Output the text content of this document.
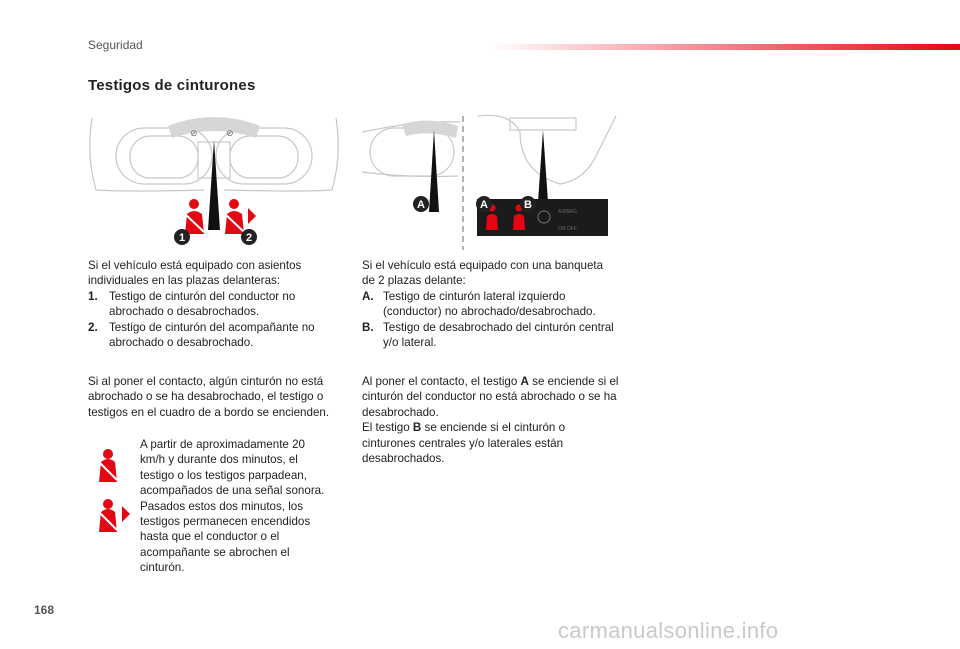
Seguridad
Testigos de cinturones
⊘	⊘
1	2
AIRBAG
ON OFF
A	A	B

Si el vehículo está equipado con asientos individuales en las plazas delanteras:

1. Testigo de cinturón del conductor no abrochado o desabrochados.
2. Testigo de cinturón del acompañante no abrochado o desabrochado.
Si al poner el contacto, algún cinturón no está abrochado o se ha desabrochado, el testigo o testigos en el cuadro de a bordo se encienden.
A partir de aproximadamente 20 km/h y durante dos minutos, el testigo o los testigos parpadean, acompañados de una señal sonora. Pasados estos dos minutos, los testigos permanecen encendidos hasta que el conductor o el acompañante se abrochen el cinturón.

Si el vehículo está equipado con una banqueta de 2 plazas delante:

A. Testigo de cinturón lateral izquierdo (conductor) no abrochado/desabrochado.
B. Testigo de desabrochado del cinturón central y/o lateral.

Al poner el contacto, el testigo A se enciende si el cinturón del conductor no está abrochado o se ha desabrochado.

El testigo B se enciende si el cinturón o cinturones centrales y/o laterales están desabrochados.

168
carmanualsonline.info
